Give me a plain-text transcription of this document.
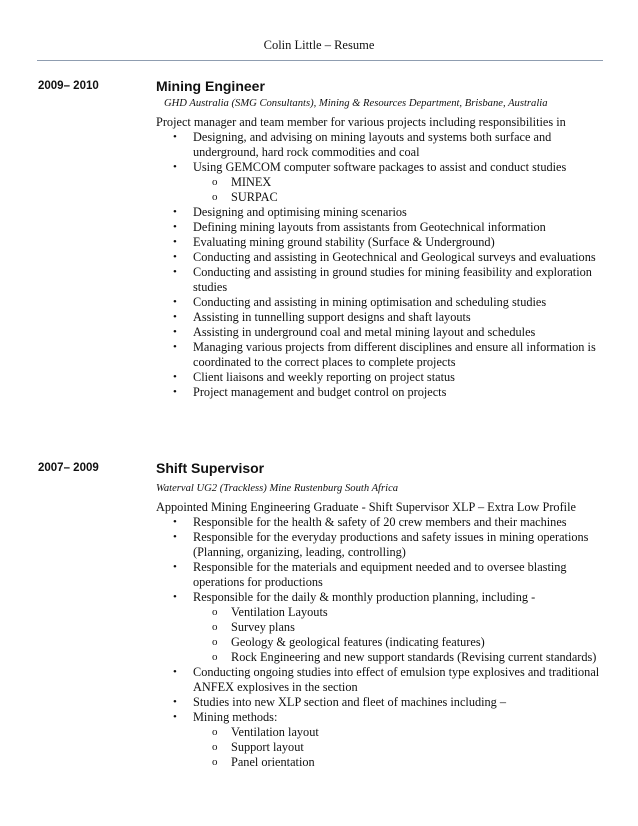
Colin Little – Resume
2009– 2010	Mining Engineer
GHD Australia (SMG Consultants), Mining & Resources Department, Brisbane, Australia
Project manager and team member for various projects including responsibilities in
• Designing, and advising on mining layouts and systems both surface and underground, hard rock commodities and coal
• Using GEMCOM computer software packages to assist and conduct studies
o MINEX
o SURPAC
• Designing and optimising mining scenarios
• Defining mining layouts from assistants from Geotechnical information
• Evaluating mining ground stability (Surface & Underground)
• Conducting and assisting in Geotechnical and Geological surveys and evaluations
• Conducting and assisting in ground studies for mining feasibility and exploration studies
• Conducting and assisting in mining optimisation and scheduling studies
• Assisting in tunnelling support designs and shaft layouts
• Assisting in underground coal and metal mining layout and schedules
• Managing various projects from different disciplines and ensure all information is coordinated to the correct places to complete projects
• Client liaisons and weekly reporting on project status
• Project management and budget control on projects
2007– 2009	Shift Supervisor
Waterval UG2 (Trackless) Mine Rustenburg South Africa
Appointed Mining Engineering Graduate - Shift Supervisor XLP – Extra Low Profile
• Responsible for the health & safety of 20 crew members and their machines
• Responsible for the everyday productions and safety issues in mining operations (Planning, organizing, leading, controlling)
• Responsible for the materials and equipment needed and to oversee blasting operations for productions
• Responsible for the daily & monthly production planning, including -
o Ventilation Layouts
o Survey plans
o Geology & geological features (indicating features)
o Rock Engineering and new support standards (Revising current standards)
• Conducting ongoing studies into effect of emulsion type explosives and traditional ANFEX explosives in the section
• Studies into new XLP section and fleet of machines including –
• Mining methods:
o Ventilation layout
o Support layout
o Panel orientation
